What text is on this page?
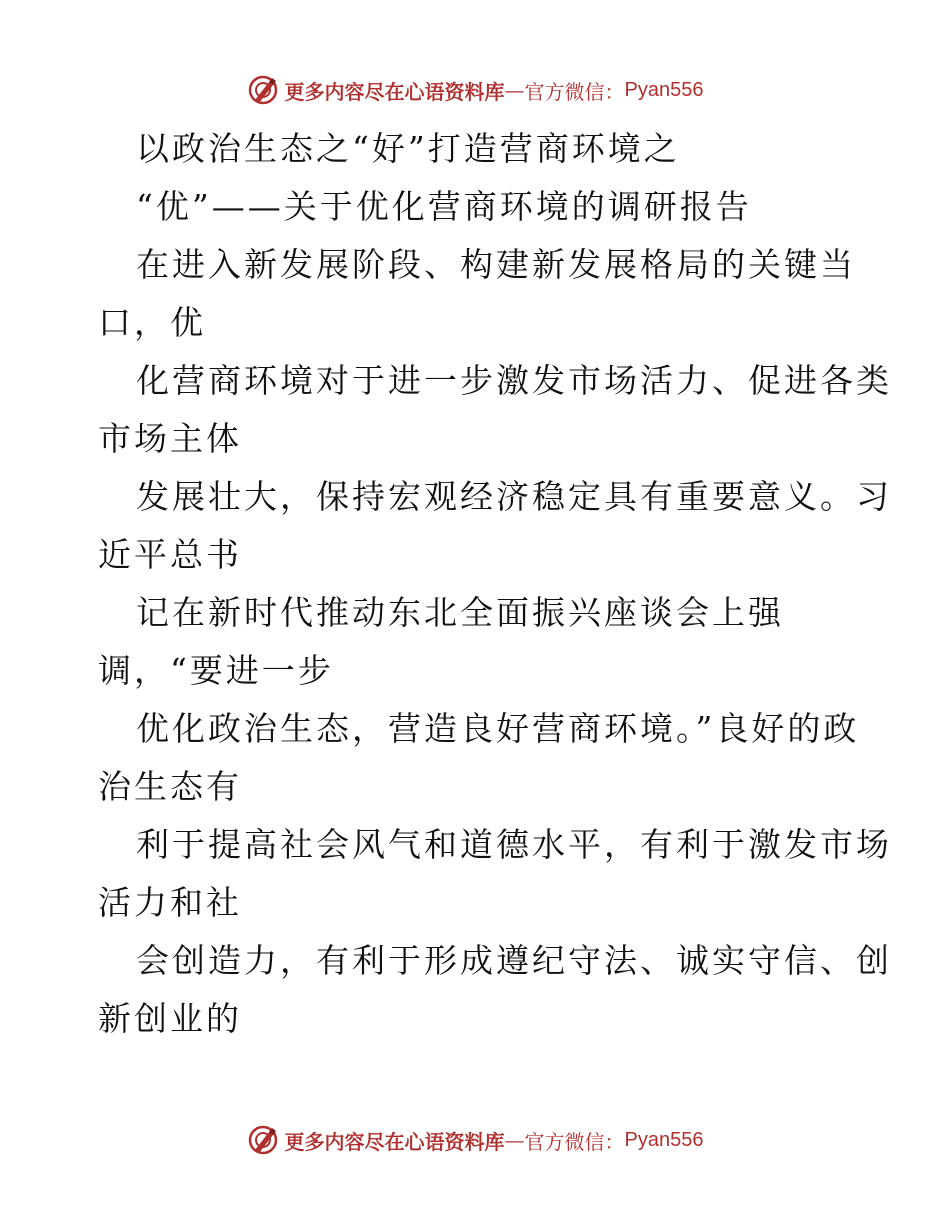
更多内容尽在心语资料库 — 官方微信： Pyan556
以政治生态之“好”打造营商环境之
“优”——关于优化营商环境的调研报告
在进入新发展阶段、构建新发展格局的关键当
口，优
化营商环境对于进一步激发市场活力、促进各类
市场主体
发展壮大，保持宏观经济稳定具有重要意义。习
近平总书
记在新时代推动东北全面振兴座谈会上强
调，“要进一步
优化政治生态，营造良好营商环境。”良好的政
治生态有
利于提高社会风气和道德水平，有利于激发市场
活力和社
会创造力，有利于形成遵纪守法、诚实守信、创
新创业的
更多内容尽在心语资料库 — 官方微信： Pyan556
